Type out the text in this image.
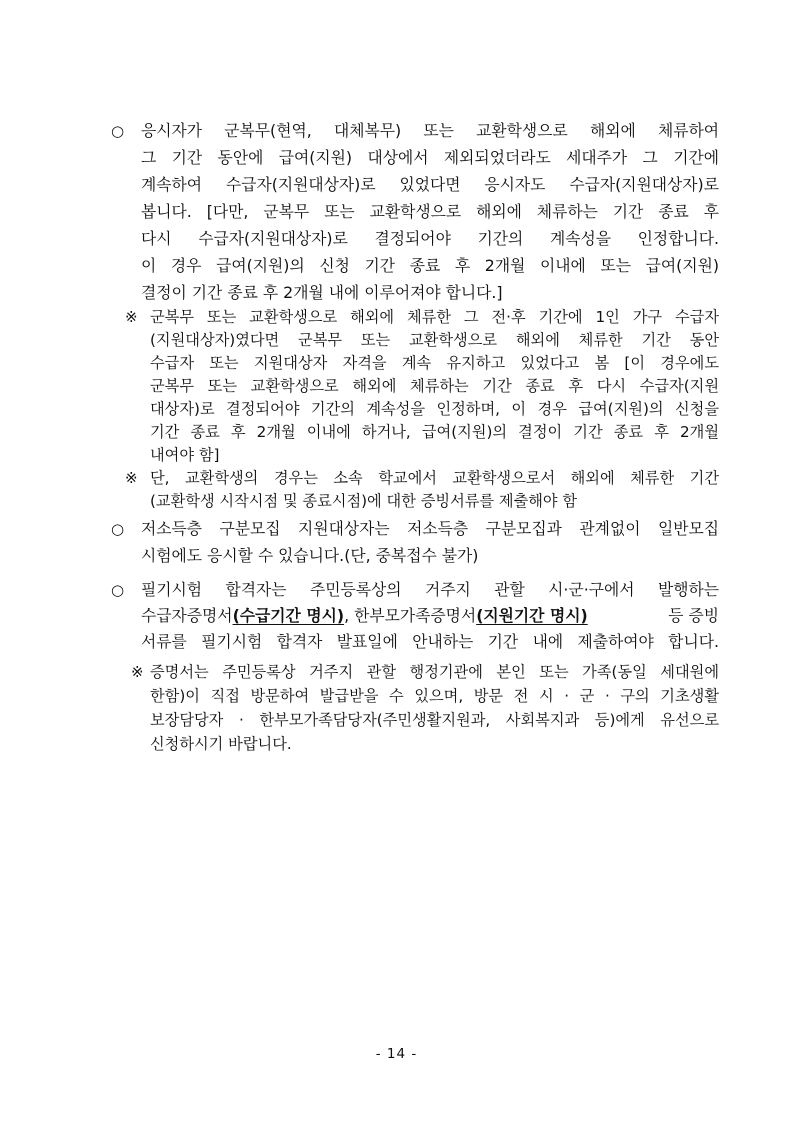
○ 응시자가 군복무(현역, 대체복무) 또는 교환학생으로 해외에 체류하여
그 기간 동안에 급여(지원) 대상에서 제외되었더라도 세대주가 그 기간에
계속하여 수급자(지원대상자)로 있었다면 응시자도 수급자(지원대상자)로
봅니다. [다만, 군복무 또는 교환학생으로 해외에 체류하는 기간 종료 후
다시 수급자(지원대상자)로 결정되어야 기간의 계속성을 인정합니다.
이 경우 급여(지원)의 신청 기간 종료 후 2개월 이내에 또는 급여(지원)
결정이 기간 종료 후 2개월 내에 이루어져야 합니다.]
※ 군복무 또는 교환학생으로 해외에 체류한 그 전·후 기간에 1인 가구 수급자
(지원대상자)였다면 군복무 또는 교환학생으로 해외에 체류한 기간 동안
수급자 또는 지원대상자 자격을 계속 유지하고 있었다고 봄 [이 경우에도
군복무 또는 교환학생으로 해외에 체류하는 기간 종료 후 다시 수급자(지원
대상자)로 결정되어야 기간의 계속성을 인정하며, 이 경우 급여(지원)의 신청을
기간 종료 후 2개월 이내에 하거나, 급여(지원)의 결정이 기간 종료 후 2개월
내여야 함]
※ 단, 교환학생의 경우는 소속 학교에서 교환학생으로서 해외에 체류한 기간
(교환학생 시작시점 및 종료시점)에 대한 증빙서류를 제출해야 함
○ 저소득층 구분모집 지원대상자는 저소득층 구분모집과 관계없이 일반모집
시험에도 응시할 수 있습니다.(단, 중복접수 불가)
○ 필기시험 합격자는 주민등록상의 거주지 관할 시·군·구에서 발행하는
수급자증명서(수급기간 명시), 한부모가족증명서(지원기간 명시)	등 증빙
서류를 필기시험 합격자 발표일에 안내하는 기간 내에 제출하여야 합니다.
※ 증명서는 주민등록상 거주지 관할 행정기관에 본인 또는 가족(동일 세대원에
한함)이 직접 방문하여 발급받을 수 있으며, 방문 전 시 · 군 · 구의 기초생활
보장담당자 · 한부모가족담당자(주민생활지원과, 사회복지과 등)에게 유선으로
신청하시기 바랍니다.
- 14 -
